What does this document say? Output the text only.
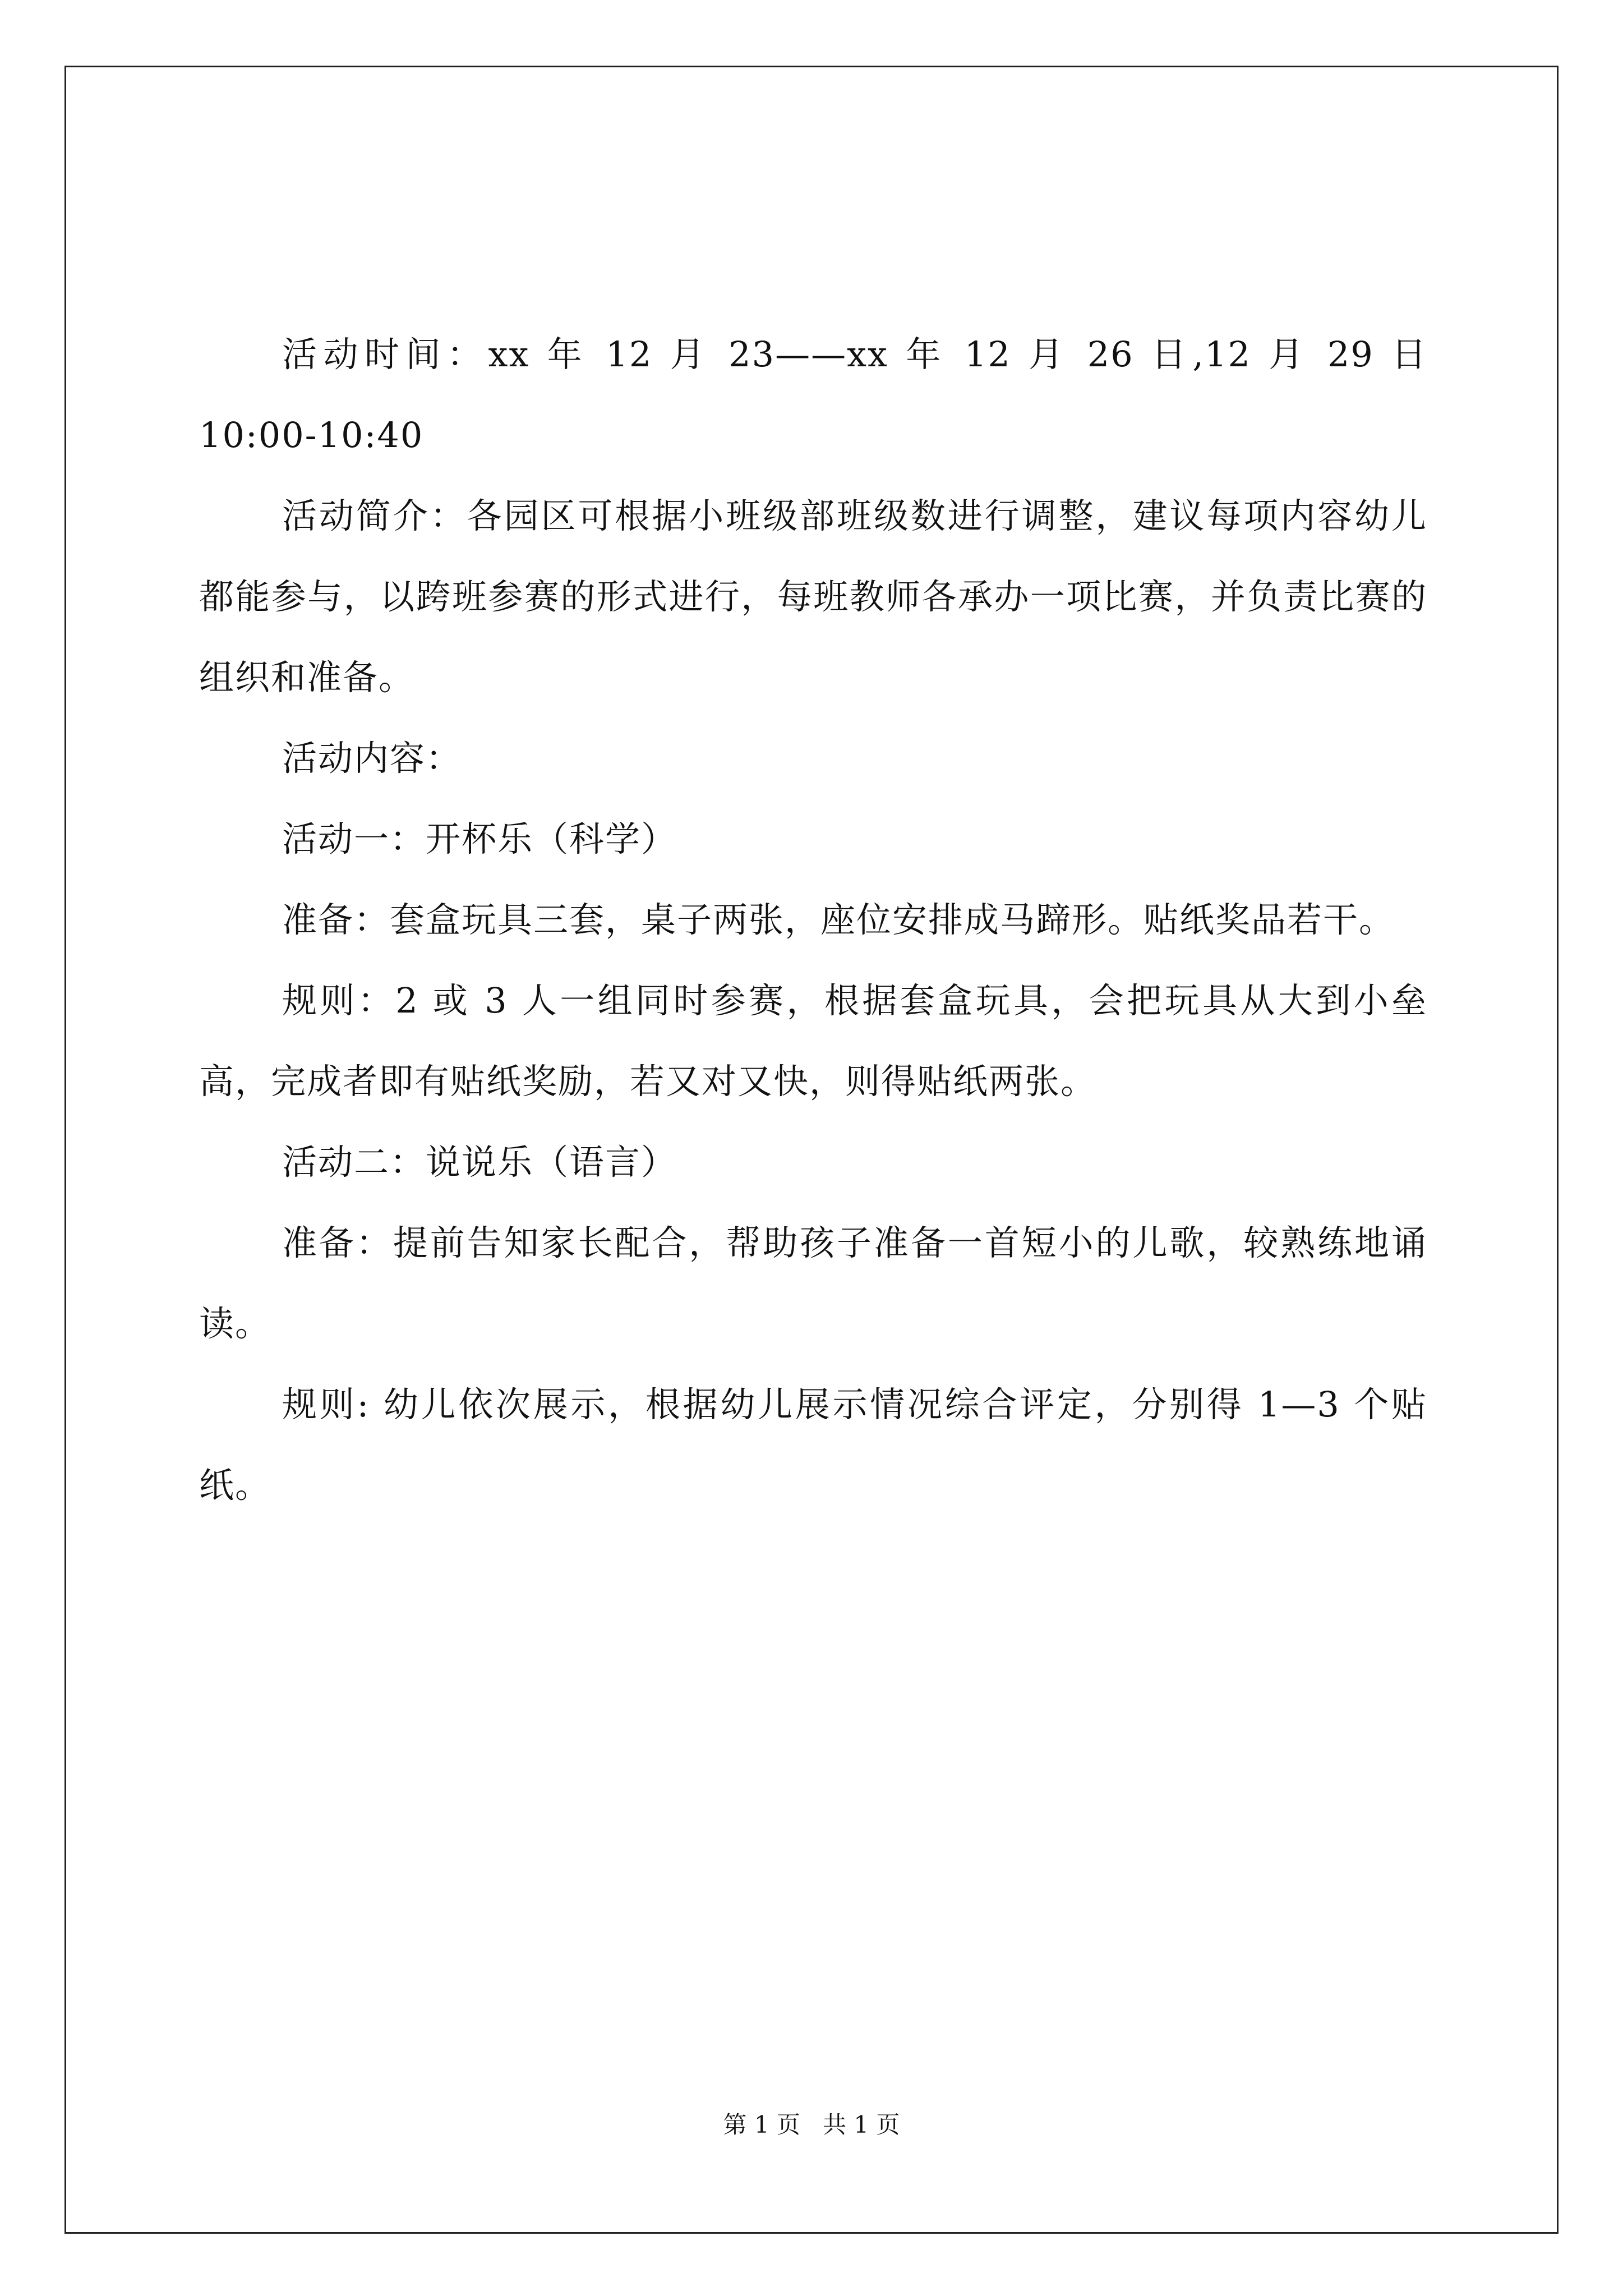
活动时间：xx 年 12 月 23——xx 年 12 月 26 日,12 月 29 日 10:00-10:40

活动简介：各园区可根据小班级部班级数进行调整，建议每项内容幼儿都能参与，以跨班参赛的形式进行，每班教师各承办一项比赛，并负责比赛的组织和准备。

活动内容：

活动一：开杯乐（科学）

准备：套盒玩具三套，桌子两张，座位安排成马蹄形。贴纸奖品若干。

规则：2 或 3 人一组同时参赛，根据套盒玩具，会把玩具从大到小垒高，完成者即有贴纸奖励，若又对又快，则得贴纸两张。

活动二：说说乐（语言）

准备：提前告知家长配合，帮助孩子准备一首短小的儿歌，较熟练地诵读。

规则: 幼儿依次展示，根据幼儿展示情况综合评定，分别得 1—3 个贴纸。

第 1 页   共 1 页
